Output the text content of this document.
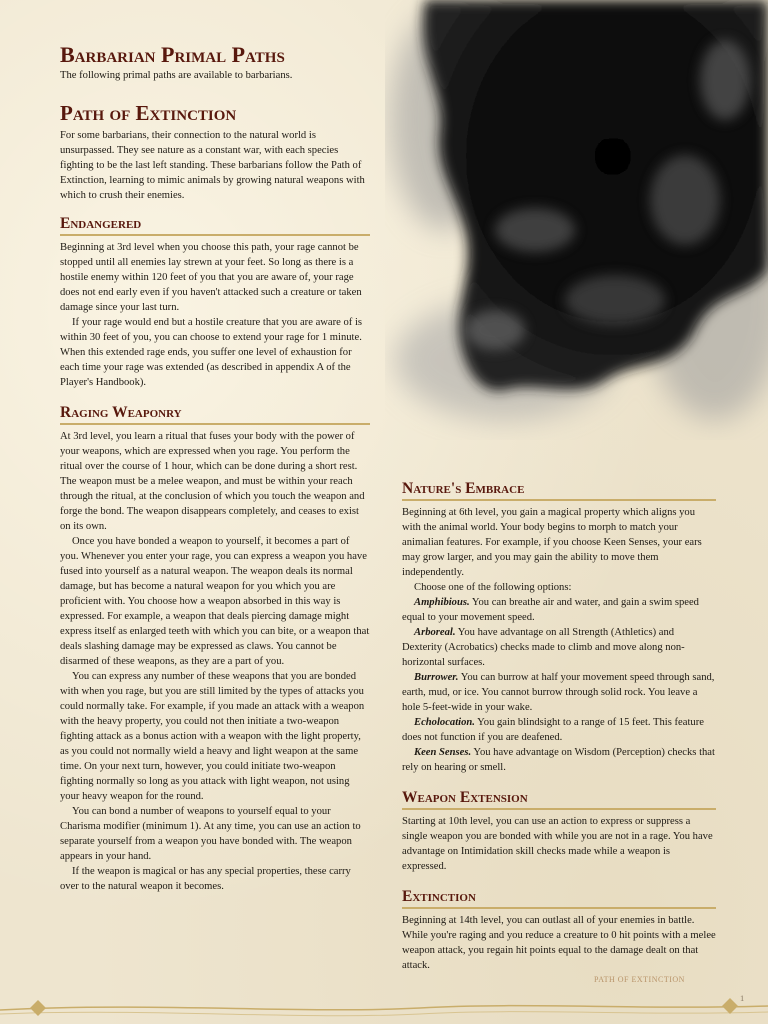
Barbarian Primal Paths

The following primal paths are available to barbarians.

Path of Extinction

For some barbarians, their connection to the natural world is unsurpassed. They see nature as a constant war, with each species fighting to be the last left standing. These barbarians follow the Path of Extinction, learning to mimic animals by growing natural weapons with which to crush their enemies.

Endangered

Beginning at 3rd level when you choose this path, your rage cannot be stopped until all enemies lay strewn at your feet. So long as there is a hostile enemy within 120 feet of you that you are aware of, your rage does not end early even if you haven't attacked such a creature or taken damage since your last turn.

If your rage would end but a hostile creature that you are aware of is within 30 feet of you, you can choose to extend your rage for 1 minute. When this extended rage ends, you suffer one level of exhaustion for each time your rage was extended (as described in appendix A of the Player's Handbook).

Raging Weaponry

At 3rd level, you learn a ritual that fuses your body with the power of your weapons, which are expressed when you rage. You perform the ritual over the course of 1 hour, which can be done during a short rest. The weapon must be a melee weapon, and must be within your reach through the ritual, at the conclusion of which you touch the weapon and forge the bond. The weapon disappears completely, and ceases to exist on its own.

Once you have bonded a weapon to yourself, it becomes a part of you. Whenever you enter your rage, you can express a weapon you have fused into yourself as a natural weapon. The weapon deals its normal damage, but has become a natural weapon for you which you are proficient with. You choose how a weapon absorbed in this way is expressed. For example, a weapon that deals piercing damage might express itself as enlarged teeth with which you can bite, or a weapon that deals slashing damage may be expressed as claws. You cannot be disarmed of these weapons, as they are a part of you.

You can express any number of these weapons that you are bonded with when you rage, but you are still limited by the types of attacks you could normally take. For example, if you made an attack with a weapon with the heavy property, you could not then initiate a two-weapon fighting attack as a bonus action with a weapon with the light property, as you could not normally wield a heavy and light weapon at the same time. On your next turn, however, you could initiate two-weapon fighting normally so long as you attack with light weapon, not using your heavy weapon for the round.

You can bond a number of weapons to yourself equal to your Charisma modifier (minimum 1). At any time, you can use an action to separate yourself from a weapon you have bonded with. The weapon appears in your hand.

If the weapon is magical or has any special properties, these carry over to the natural weapon it becomes.

Nature's Embrace

Beginning at 6th level, you gain a magical property which aligns you with the animal world. Your body begins to morph to match your animalian features. For example, if you choose Keen Senses, your ears may grow larger, and you may gain the ability to move them independently.

Choose one of the following options:

Amphibious. You can breathe air and water, and gain a swim speed equal to your movement speed.

Arboreal. You have advantage on all Strength (Athletics) and Dexterity (Acrobatics) checks made to climb and move along non-horizontal surfaces.

Burrower. You can burrow at half your movement speed through sand, earth, mud, or ice. You cannot burrow through solid rock. You leave a hole 5-feet-wide in your wake.

Echolocation. You gain blindsight to a range of 15 feet. This feature does not function if you are deafened.

Keen Senses. You have advantage on Wisdom (Perception) checks that rely on hearing or smell.

Weapon Extension

Starting at 10th level, you can use an action to express or suppress a single weapon you are bonded with while you are not in a rage. You have advantage on Intimidation skill checks made while a weapon is expressed.

Extinction

Beginning at 14th level, you can outlast all of your enemies in battle. While you're raging and you reduce a creature to 0 hit points with a melee weapon attack, you regain hit points equal to the damage dealt on that attack.

PATH OF EXTINCTION
1
